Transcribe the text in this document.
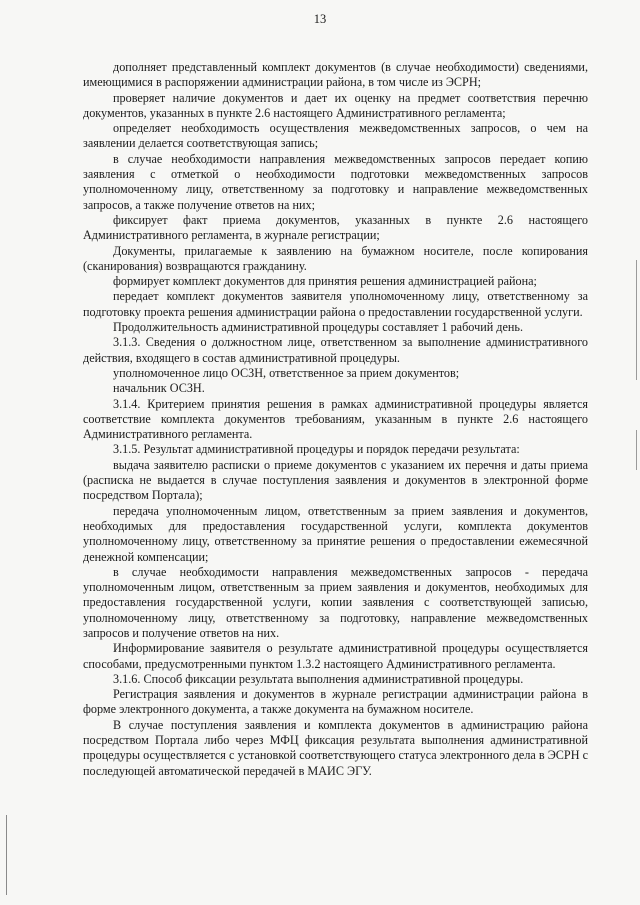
13

дополняет представленный комплект документов (в случае необходимости) сведениями, имеющимися в распоряжении администрации района, в том числе из ЭСРН;

проверяет наличие документов и дает их оценку на предмет соответствия перечню документов, указанных в пункте 2.6 настоящего Административного регламента;

определяет необходимость осуществления межведомственных запросов, о чем на заявлении делается соответствующая запись;

в случае необходимости направления межведомственных запросов передает копию заявления с отметкой о необходимости подготовки межведомственных запросов уполномоченному лицу, ответственному за подготовку и направление межведомственных запросов, а также получение ответов на них;

фиксирует факт приема документов, указанных в пункте 2.6 настоящего Административного регламента, в журнале регистрации;

Документы, прилагаемые к заявлению на бумажном носителе, после копирования (сканирования) возвращаются гражданину.

формирует комплект документов для принятия решения администрацией района;

передает комплект документов заявителя уполномоченному лицу, ответственному за подготовку проекта решения администрации района о предоставлении государственной услуги.

Продолжительность административной процедуры составляет 1 рабочий день.

3.1.3. Сведения о должностном лице, ответственном за выполнение административного действия, входящего в состав административной процедуры.

уполномоченное лицо ОСЗН, ответственное за прием документов;

начальник ОСЗН.

3.1.4. Критерием принятия решения в рамках административной процедуры является соответствие комплекта документов требованиям, указанным в пункте 2.6 настоящего Административного регламента.

3.1.5. Результат административной процедуры и порядок передачи результата:

выдача заявителю расписки о приеме документов с указанием их перечня и даты приема (расписка не выдается в случае поступления заявления и документов в электронной форме посредством Портала);

передача уполномоченным лицом, ответственным за прием заявления и документов, необходимых для предоставления государственной услуги, комплекта документов уполномоченному лицу, ответственному за принятие решения о предоставлении ежемесячной денежной компенсации;

в случае необходимости направления межведомственных запросов - передача уполномоченным лицом, ответственным за прием заявления и документов, необходимых для предоставления государственной услуги, копии заявления с соответствующей записью, уполномоченному лицу, ответственному за подготовку, направление межведомственных запросов и получение ответов на них.

Информирование заявителя о результате административной процедуры осуществляется способами, предусмотренными пунктом 1.3.2 настоящего Административного регламента.

3.1.6. Способ фиксации результата выполнения административной процедуры.

Регистрация заявления и документов в журнале регистрации администрации района в форме электронного документа, а также документа на бумажном носителе.

В случае поступления заявления и комплекта документов в администрацию района посредством Портала либо через МФЦ фиксация результата выполнения административной процедуры осуществляется с установкой соответствующего статуса электронного дела в ЭСРН с последующей автоматической передачей в МАИС ЭГУ.
